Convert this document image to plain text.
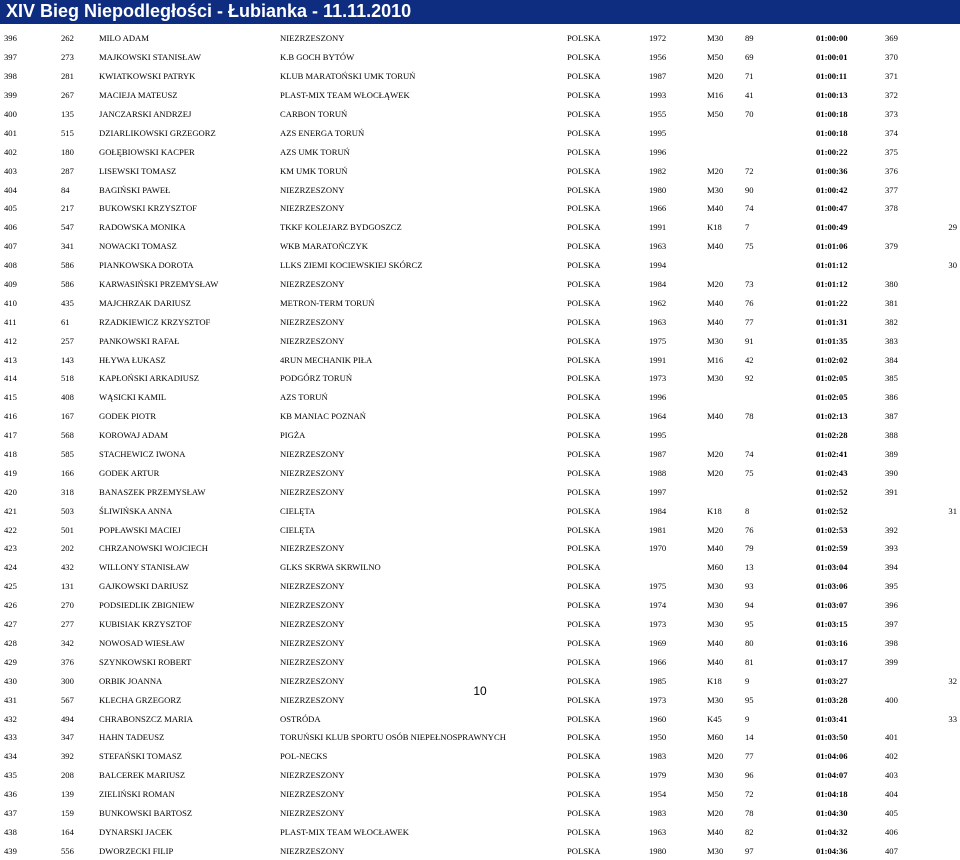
XIV Bieg Niepodległości - Łubianka - 11.11.2010
396	262	MILO ADAM	NIEZRZESZONY	POLSKA	1972	M30	89	01:00:00	369	
397	273	MAJKOWSKI STANISŁAW	K.B GOCH BYTÓW	POLSKA	1956	M50	69	01:00:01	370	
398	281	KWIATKOWSKI PATRYK	KLUB MARATOŃSKI UMK TORUŃ	POLSKA	1987	M20	71	01:00:11	371	
399	267	MACIEJA MATEUSZ	PLAST-MIX TEAM WŁOCŁĄWEK	POLSKA	1993	M16	41	01:00:13	372	
400	135	JANCZARSKI ANDRZEJ	CARBON TORUŃ	POLSKA	1955	M50	70	01:00:18	373	
401	515	DZIARLIKOWSKI GRZEGORZ	AZS ENERGA TORUŃ	POLSKA	1995			01:00:18	374	
402	180	GOŁĘBIOWSKI KACPER	AZS UMK TORUŃ	POLSKA	1996			01:00:22	375	
403	287	LISEWSKI TOMASZ	KM UMK TORUŃ	POLSKA	1982	M20	72	01:00:36	376	
404	84	BAGIŃSKI PAWEŁ	NIEZRZESZONY	POLSKA	1980	M30	90	01:00:42	377	
405	217	BUKOWSKI KRZYSZTOF	NIEZRZESZONY	POLSKA	1966	M40	74	01:00:47	378	
406	547	RADOWSKA MONIKA	TKKF KOLEJARZ BYDGOSZCZ	POLSKA	1991	K18	7	01:00:49		29
407	341	NOWACKI TOMASZ	WKB MARATOŃCZYK	POLSKA	1963	M40	75	01:01:06	379	
408	586	PIANKOWSKA DOROTA	LLKS ZIEMI KOCIEWSKIEJ SKÓRCZ	POLSKA	1994			01:01:12		30
409	586	KARWASIŃSKI PRZEMYSŁAW	NIEZRZESZONY	POLSKA	1984	M20	73	01:01:12	380	
410	435	MAJCHRZAK DARIUSZ	METRON-TERM TORUŃ	POLSKA	1962	M40	76	01:01:22	381	
411	61	RZADKIEWICZ KRZYSZTOF	NIEZRZESZONY	POLSKA	1963	M40	77	01:01:31	382	
412	257	PANKOWSKI RAFAŁ	NIEZRZESZONY	POLSKA	1975	M30	91	01:01:35	383	
413	143	HŁYWA ŁUKASZ	4RUN MECHANIK PIŁA	POLSKA	1991	M16	42	01:02:02	384	
414	518	KAPŁOŃSKI ARKADIUSZ	PODGÓRZ TORUŃ	POLSKA	1973	M30	92	01:02:05	385	
415	408	WĄSICKI KAMIL	AZS TORUŃ	POLSKA	1996			01:02:05	386	
416	167	GODEK PIOTR	KB MANIAC POZNAŃ	POLSKA	1964	M40	78	01:02:13	387	
417	568	KOROWAJ ADAM	PIGŻA	POLSKA	1995			01:02:28	388	
418	585	STACHEWICZ IWONA	NIEZRZESZONY	POLSKA	1987	M20	74	01:02:41	389	
419	166	GODEK ARTUR	NIEZRZESZONY	POLSKA	1988	M20	75	01:02:43	390	
420	318	BANASZEK PRZEMYSŁAW	NIEZRZESZONY	POLSKA	1997			01:02:52	391	
421	503	ŚLIWIŃSKA ANNA	CIELĘTA	POLSKA	1984	K18	8	01:02:52		31
422	501	POPŁAWSKI MACIEJ	CIELĘTA	POLSKA	1981	M20	76	01:02:53	392	
423	202	CHRZANOWSKI WOJCIECH	NIEZRZESZONY	POLSKA	1970	M40	79	01:02:59	393	
424	432	WILLONY STANISŁAW	GLKS SKRWA SKRWILNO	POLSKA		M60	13	01:03:04	394	
425	131	GAJKOWSKI DARIUSZ	NIEZRZESZONY	POLSKA	1975	M30	93	01:03:06	395	
426	270	PODSIEDLIK ZBIGNIEW	NIEZRZESZONY	POLSKA	1974	M30	94	01:03:07	396	
427	277	KUBISIAK KRZYSZTOF	NIEZRZESZONY	POLSKA	1973	M30	95	01:03:15	397	
428	342	NOWOSAD WIESŁAW	NIEZRZESZONY	POLSKA	1969	M40	80	01:03:16	398	
429	376	SZYNKOWSKI ROBERT	NIEZRZESZONY	POLSKA	1966	M40	81	01:03:17	399	
430	300	ORBIK JOANNA	NIEZRZESZONY	POLSKA	1985	K18	9	01:03:27		32
431	567	KLECHA GRZEGORZ	NIEZRZESZONY	POLSKA	1973	M30	95	01:03:28	400	
432	494	CHRABONSZCZ MARIA	OSTRÓDA	POLSKA	1960	K45	9	01:03:41		33
433	347	HAHN TADEUSZ	TORUŃSKI KLUB SPORTU OSÓB NIEPEŁNOSPRAWNYCH	POLSKA	1950	M60	14	01:03:50	401	
434	392	STEFAŃSKI TOMASZ	POL-NECKS	POLSKA	1983	M20	77	01:04:06	402	
435	208	BALCEREK MARIUSZ	NIEZRZESZONY	POLSKA	1979	M30	96	01:04:07	403	
436	139	ZIELIŃSKI ROMAN	NIEZRZESZONY	POLSKA	1954	M50	72	01:04:18	404	
437	159	BUNKOWSKI BARTOSZ	NIEZRZESZONY	POLSKA	1983	M20	78	01:04:30	405	
438	164	DYNARSKI JACEK	PLAST-MIX TEAM WŁOCŁAWEK	POLSKA	1963	M40	82	01:04:32	406	
439	556	DWORZECKI FILIP	NIEZRZESZONY	POLSKA	1980	M30	97	01:04:36	407	
10
